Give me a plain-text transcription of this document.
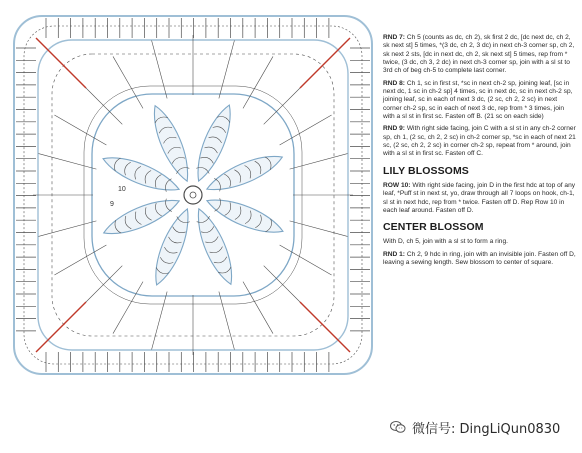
10
9

RND 7: Ch 5 (counts as dc, ch 2), sk first 2 dc, [dc next dc, ch 2, sk next st] 5 times, *(3 dc, ch 2, 3 dc) in next ch-3 corner sp, ch 2, sk next 2 sts, [dc in next dc, ch 2, sk next st] 5 times, rep from * twice, (3 dc, ch 3, 2 dc) in next ch-3 corner sp, join with a sl st to 3rd ch of beg ch-5 to complete last corner.

RND 8: Ch 1, sc in first st, *sc in next ch-2 sp, joining leaf, [sc in next dc, 1 sc in ch-2 sp] 4 times, sc in next dc, sc in next ch-2 sp, joining leaf, sc in each of next 3 dc, (2 sc, ch 2, 2 sc) in next corner ch-2 sp, sc in each of next 3 dc, rep from * 3 times, join with a sl st in first sc. Fasten off B. (21 sc on each side)

RND 9: With right side facing, join C with a sl st in any ch-2 corner sp, ch 1, (2 sc, ch 2, 2 sc) in ch-2 corner sp, *sc in each of next 21 sc, (2 sc, ch 2, 2 sc) in corner ch-2 sp, repeat from * around, join with a sl st in first sc. Fasten off C.

LILY BLOSSOMS

ROW 10: With right side facing, join D in the first hdc at top of any leaf, *Puff st in next st, yo, draw through all 7 loops on hook, ch-1, sl st in next hdc, rep from * twice. Fasten off D. Rep Row 10 in each leaf around. Fasten off D.

CENTER BLOSSOM

With D, ch 5, join with a sl st to form a ring.

RND 1: Ch 2, 9 hdc in ring, join with an invisible join. Fasten off D, leaving a sewing length. Sew blossom to center of square.

微信号: DingLiQun0830
